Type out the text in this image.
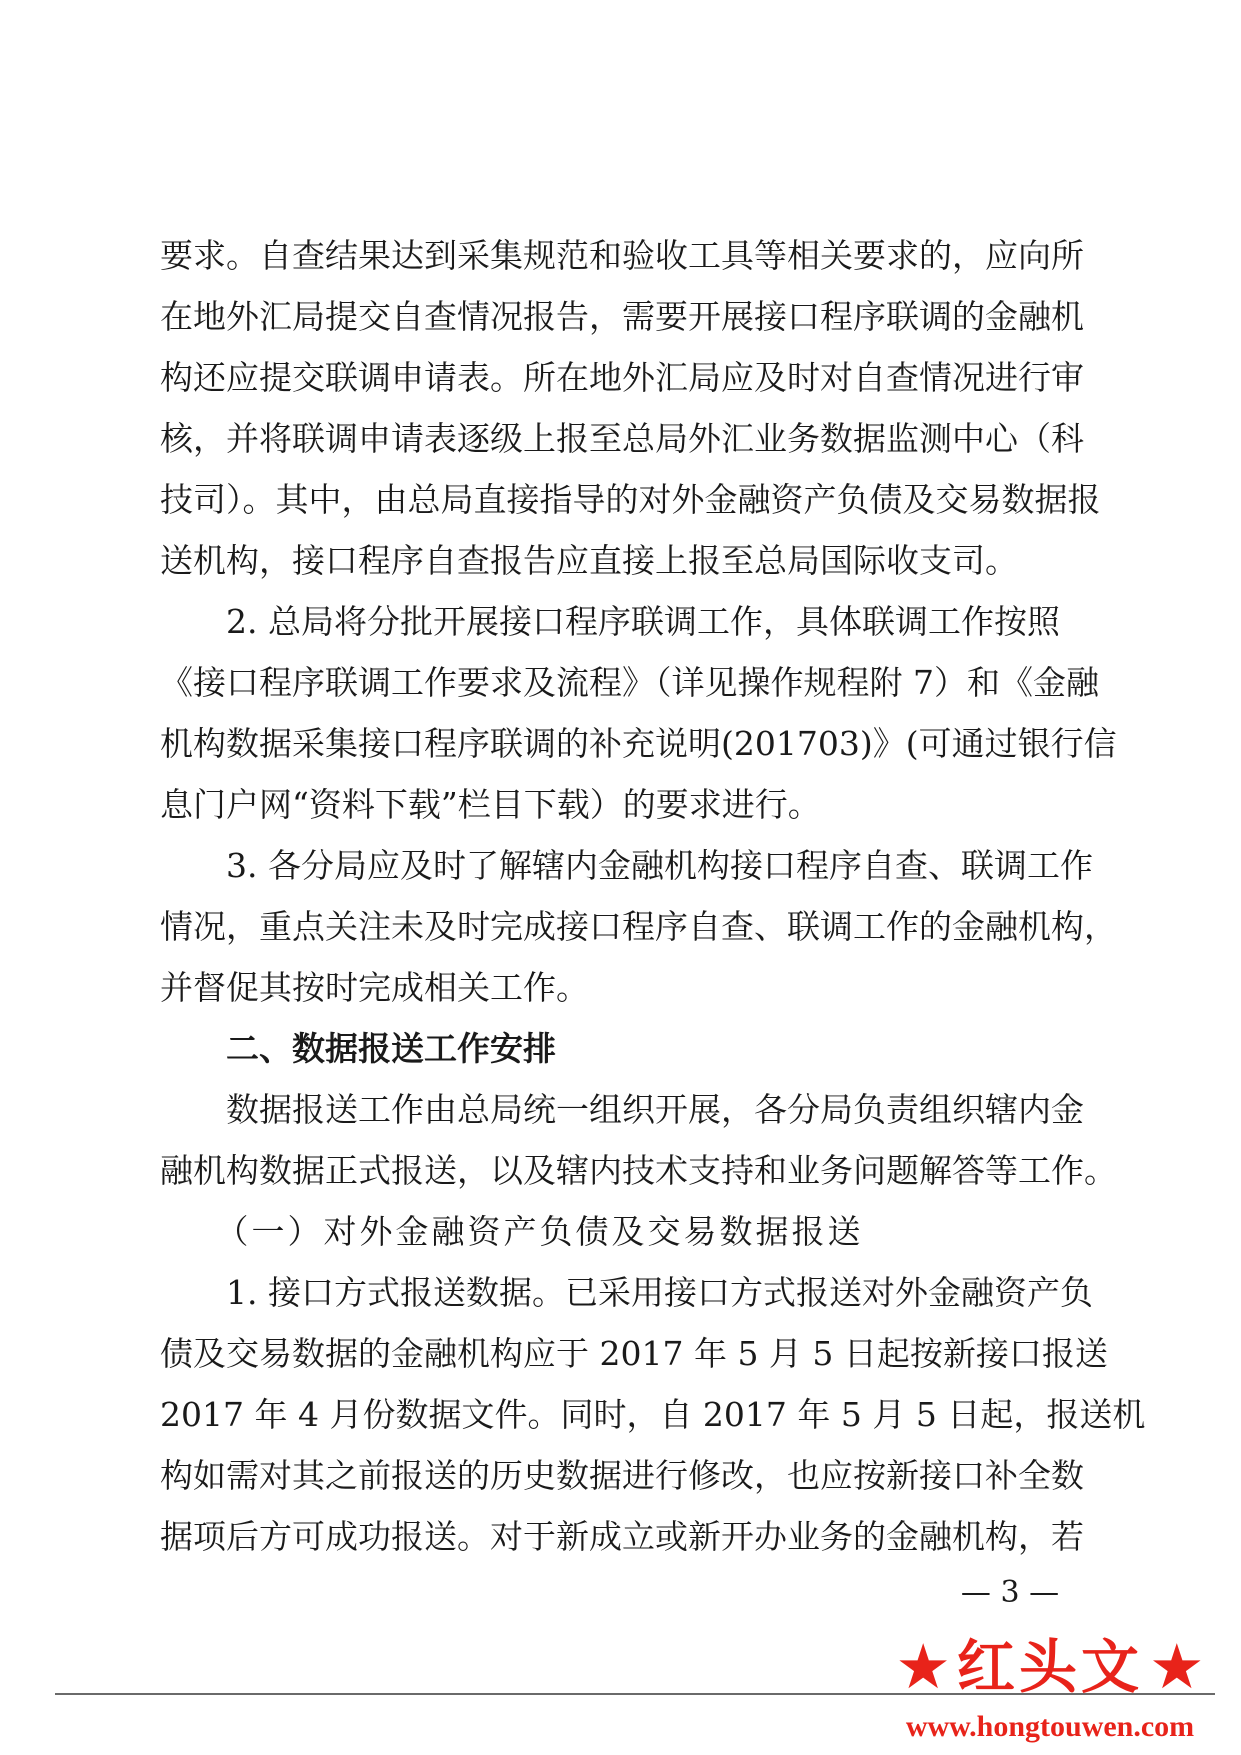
要求。自查结果达到采集规范和验收工具等相关要求的，应向所
在地外汇局提交自查情况报告，需要开展接口程序联调的金融机
构还应提交联调申请表。所在地外汇局应及时对自查情况进行审
核，并将联调申请表逐级上报至总局外汇业务数据监测中心（科
技司）。其中，由总局直接指导的对外金融资产负债及交易数据报
送机构，接口程序自查报告应直接上报至总局国际收支司。
　　2. 总局将分批开展接口程序联调工作，具体联调工作按照
《接口程序联调工作要求及流程》（详见操作规程附 7）和《金融
机构数据采集接口程序联调的补充说明(201703)》(可通过银行信
息门户网“资料下载”栏目下载）的要求进行。
　　3. 各分局应及时了解辖内金融机构接口程序自查、联调工作
情况，重点关注未及时完成接口程序自查、联调工作的金融机构，
并督促其按时完成相关工作。
　　二、数据报送工作安排
　　数据报送工作由总局统一组织开展，各分局负责组织辖内金
融机构数据正式报送，以及辖内技术支持和业务问题解答等工作。
　　（一）对外金融资产负债及交易数据报送
　　1. 接口方式报送数据。已采用接口方式报送对外金融资产负
债及交易数据的金融机构应于 2017 年 5 月 5 日起按新接口报送
2017 年 4 月份数据文件。同时，自 2017 年 5 月 5 日起，报送机
构如需对其之前报送的历史数据进行修改，也应按新接口补全数
据项后方可成功报送。对于新成立或新开办业务的金融机构，若
— 3 —
★ 红头文 ★
www.hongtouwen.com
